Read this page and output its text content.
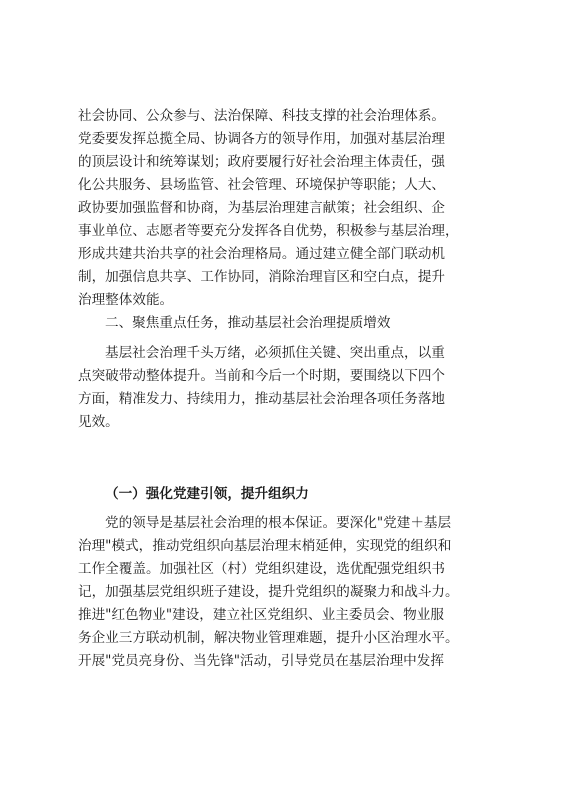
社会协同、公众参与、法治保障、科技支撑的社会治理体系。
党委要发挥总揽全局、协调各方的领导作用，加强对基层治理
的顶层设计和统筹谋划；政府要履行好社会治理主体责任，强
化公共服务、县场监管、社会管理、环境保护等职能；人大、
政协要加强监督和协商，为基层治理建言献策；社会组织、企
事业单位、志愿者等要充分发挥各自优势，积极参与基层治理，
形成共建共治共享的社会治理格局。通过建立健全部门联动机
制，加强信息共享、工作协同，消除治理盲区和空白点，提升
治理整体效能。
二、聚焦重点任务，推动基层社会治理提质增效
基层社会治理千头万绪，必须抓住关键、突出重点，以重
点突破带动整体提升。当前和今后一个时期，要围绕以下四个
方面，精准发力、持续用力，推动基层社会治理各项任务落地
见效。
（一）强化党建引领，提升组织力
党的领导是基层社会治理的根本保证。要深化"党建＋基层
治理"模式，推动党组织向基层治理末梢延伸，实现党的组织和
工作全覆盖。加强社区（村）党组织建设，选优配强党组织书
记，加强基层党组织班子建设，提升党组织的凝聚力和战斗力。
推进"红色物业"建设，建立社区党组织、业主委员会、物业服
务企业三方联动机制，解决物业管理难题，提升小区治理水平。
开展"党员亮身份、当先锋"活动，引导党员在基层治理中发挥
